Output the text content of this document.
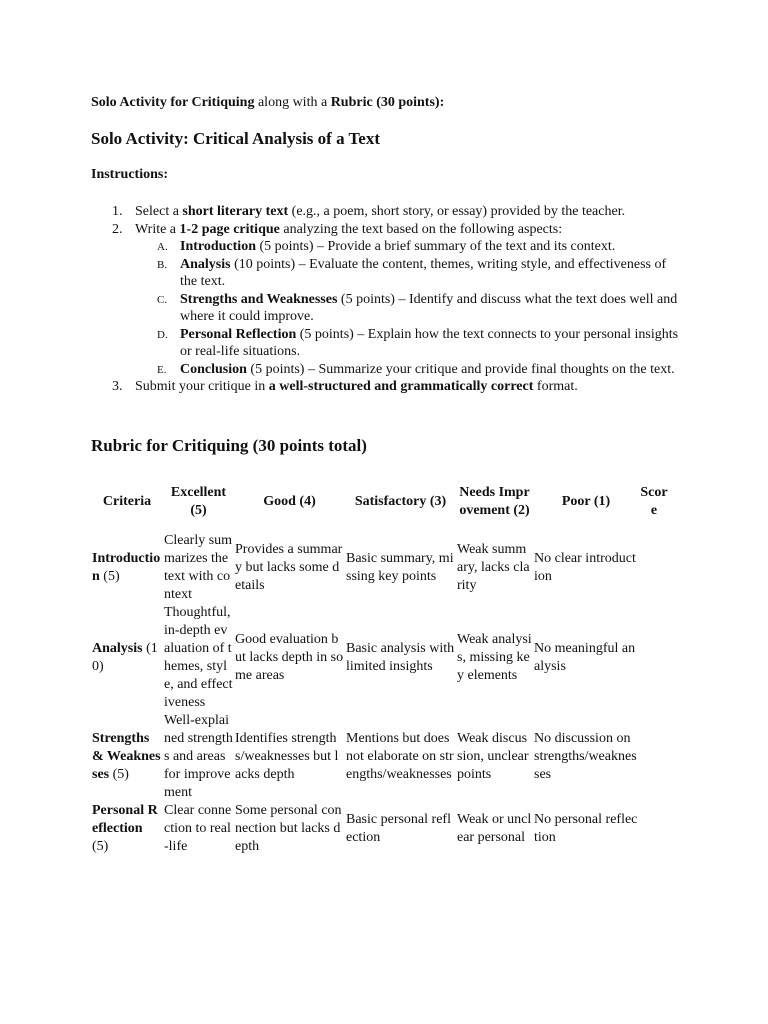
Solo Activity for Critiquing along with a Rubric (30 points):
Solo Activity: Critical Analysis of a Text
Instructions:
1. Select a short literary text (e.g., a poem, short story, or essay) provided by the teacher.
2. Write a 1-2 page critique analyzing the text based on the following aspects:
A. Introduction (5 points) – Provide a brief summary of the text and its context.
B. Analysis (10 points) – Evaluate the content, themes, writing style, and effectiveness of the text.
C. Strengths and Weaknesses (5 points) – Identify and discuss what the text does well and where it could improve.
D. Personal Reflection (5 points) – Explain how the text connects to your personal insights or real-life situations.
E. Conclusion (5 points) – Summarize your critique and provide final thoughts on the text.
3. Submit your critique in a well-structured and grammatically correct format.
Rubric for Critiquing (30 points total)
Criteria	Excellent (5)	Good (4)	Satisfactory (3)	Needs Improvement (2)	Poor (1)	Score
Introduction (5)	Clearly summarizes the text with context	Provides a summary but lacks some details	Basic summary, missing key points	Weak summary, lacks clarity	No clear introduction	
Analysis (10)	Thoughtful, in-depth evaluation of themes, style, and effectiveness	Good evaluation but lacks depth in some areas	Basic analysis with limited insights	Weak analysis, missing key elements	No meaningful analysis	
Strengths & Weaknesses (5)	Well-explained strengths and areas for improvement	Identifies strengths/weaknesses but lacks depth	Mentions but does not elaborate on strengths/weaknesses	Weak discussion, unclear points	No discussion on strengths/weaknesses	
Personal Reflection (5)	Clear connection to real-life	Some personal connection but lacks depth	Basic personal reflection	Weak or unclear personal	No personal reflection	
